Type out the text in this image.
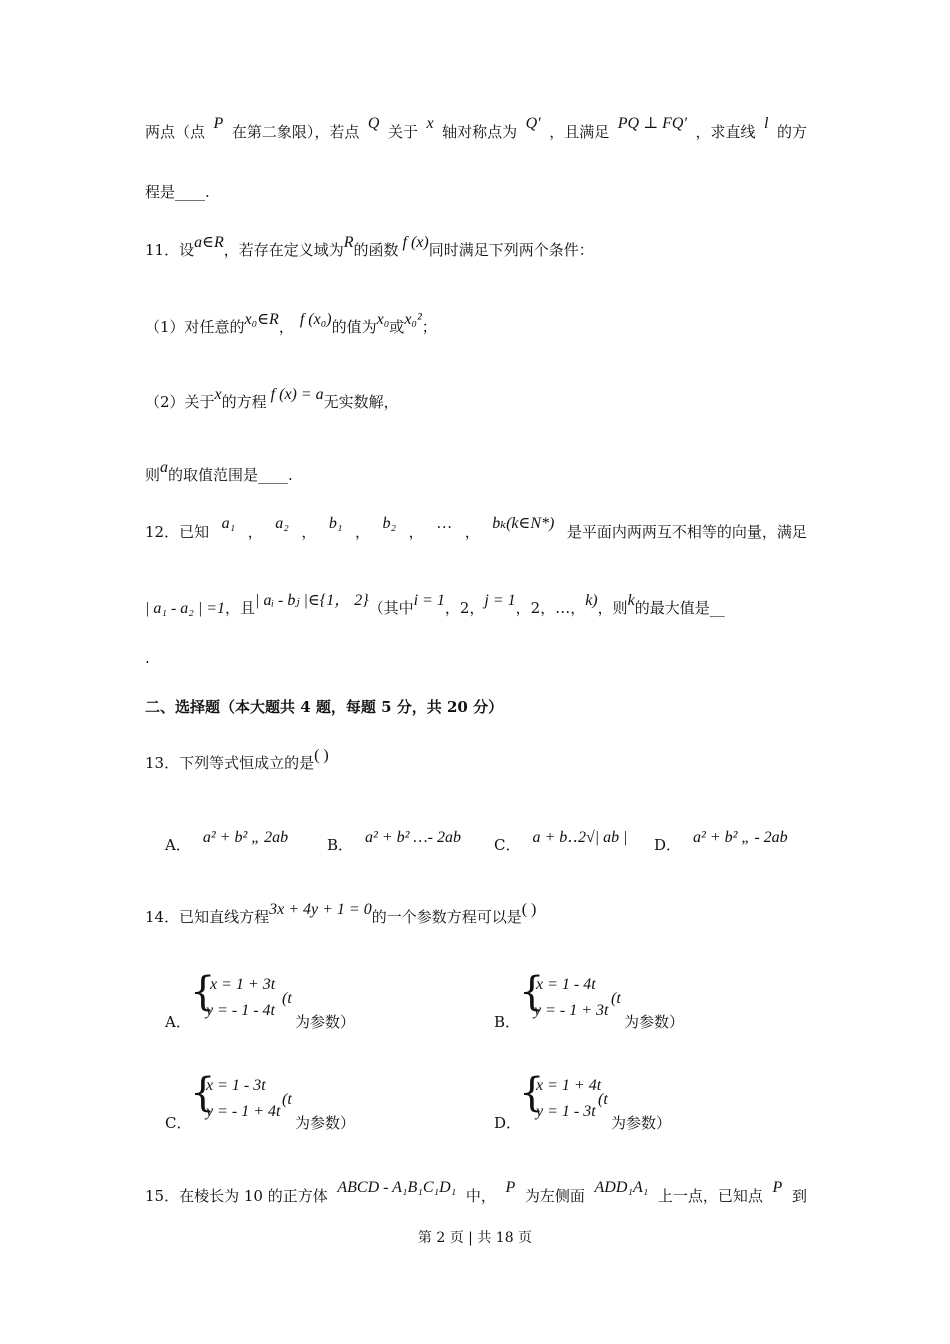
两点（点 P 在第二象限），若点 Q 关于 x 轴对称点为 Q′ ，且满足 PQ ⊥ FQ′ ，求直线 l 的方
程是____.
11．设a∈R，若存在定义域为R的函数 f (x)同时满足下列两个条件：
（1）对任意的x₀∈R， f (x₀)的值为x₀或x₀²；
（2）关于x的方程 f (x) = a无实数解，
则a的取值范围是____.
12．已知 a₁ ， a₂ ， b₁ ， b₂ ， … ， bₖ(k∈N*) 是平面内两两互不相等的向量，满足
| a₁ - a₂ | =1，且| aᵢ - bⱼ |∈{1， 2}（其中i = 1，2，j = 1，2，…，k)，则k的最大值是__
.
二、选择题（本大题共 4 题，每题 5 分，共 20 分）
13．下列等式恒成立的是( )
A． a² + b² „ 2ab	B． a² + b² …- 2ab C． a + b‥2√| ab | D． a² + b² „ - 2ab
14．已知直线方程3x + 4y + 1 = 0的一个参数方程可以是( )
A．
{
x = 1 + 3t
y = - 1 - 4t
(t
为参数）	B．
{
x = 1 - 4t
y = - 1 + 3t
(t
为参数）
C．
{
x = 1 - 3t
y = - 1 + 4t
(t
为参数）	D．
{
x = 1 + 4t
y = 1 - 3t
(t
为参数）
15．在棱长为 10 的正方体 ABCD - A₁B₁C₁D₁ 中， P 为左侧面 ADD₁A₁ 上一点，已知点 P 到
第 2 页 | 共 18 页
